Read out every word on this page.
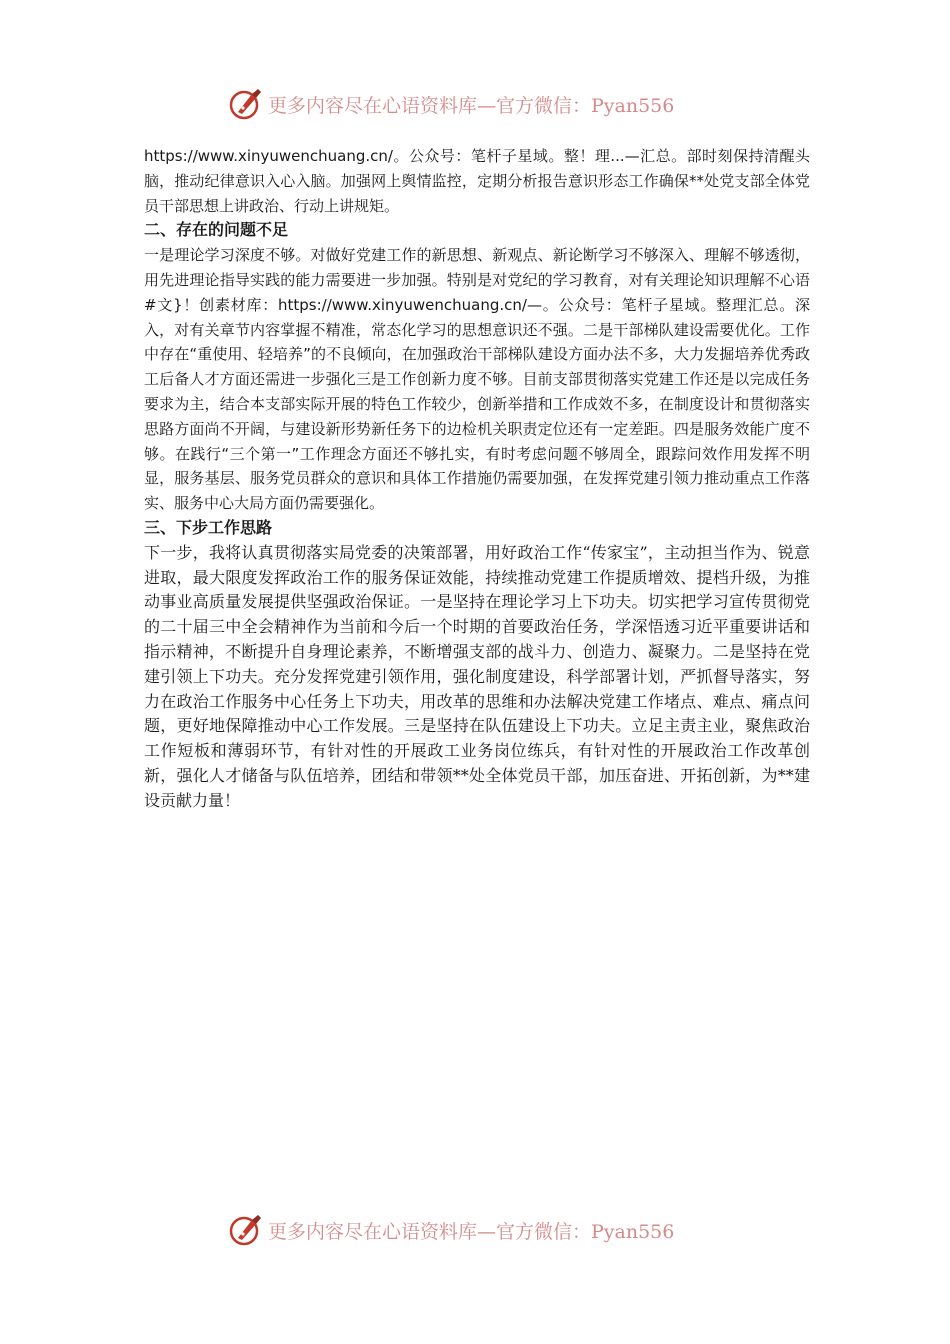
更多内容尽在心语资料库—官方微信：Pyan556

https://www.xinyuwenchuang.cn/。公众号：笔杆子星域。整！理...—汇总。部时刻保持清醒头脑，推动纪律意识入心入脑。加强网上舆情监控，定期分析报告意识形态工作确保**处党支部全体党员干部思想上讲政治、行动上讲规矩。

二、存在的问题不足

一是理论学习深度不够。对做好党建工作的新思想、新观点、新论断学习不够深入、理解不够透彻，用先进理论指导实践的能力需要进一步加强。特别是对党纪的学习教育，对有关理论知识理解不心语#文}！创素材库：https://www.xinyuwenchuang.cn/—。公众号：笔杆子星域。整理汇总。深入，对有关章节内容掌握不精准，常态化学习的思想意识还不强。二是干部梯队建设需要优化。工作中存在“重使用、轻培养”的不良倾向，在加强政治干部梯队建设方面办法不多，大力发掘培养优秀政工后备人才方面还需进一步强化三是工作创新力度不够。目前支部贯彻落实党建工作还是以完成任务要求为主，结合本支部实际开展的特色工作较少，创新举措和工作成效不多，在制度设计和贯彻落实思路方面尚不开阔，与建设新形势新任务下的边检机关职责定位还有一定差距。四是服务效能广度不够。在践行“三个第一”工作理念方面还不够扎实，有时考虑问题不够周全，跟踪问效作用发挥不明显，服务基层、服务党员群众的意识和具体工作措施仍需要加强，在发挥党建引领力推动重点工作落实、服务中心大局方面仍需要强化。

三、下步工作思路

下一步，我将认真贯彻落实局党委的决策部署，用好政治工作“传家宝”，主动担当作为、锐意进取，最大限度发挥政治工作的服务保证效能，持续推动党建工作提质增效、提档升级，为推动事业高质量发展提供坚强政治保证。一是坚持在理论学习上下功夫。切实把学习宣传贯彻党的二十届三中全会精神作为当前和今后一个时期的首要政治任务，学深悟透习近平重要讲话和指示精神，不断提升自身理论素养，不断增强支部的战斗力、创造力、凝聚力。二是坚持在党建引领上下功夫。充分发挥党建引领作用，强化制度建设，科学部署计划，严抓督导落实，努力在政治工作服务中心任务上下功夫，用改革的思维和办法解决党建工作堵点、难点、痛点问题，更好地保障推动中心工作发展。三是坚持在队伍建设上下功夫。立足主责主业，聚焦政治工作短板和薄弱环节，有针对性的开展政工业务岗位练兵，有针对性的开展政治工作改革创新，强化人才储备与队伍培养，团结和带领**处全体党员干部，加压奋进、开拓创新，为**建设贡献力量！

更多内容尽在心语资料库—官方微信：Pyan556
